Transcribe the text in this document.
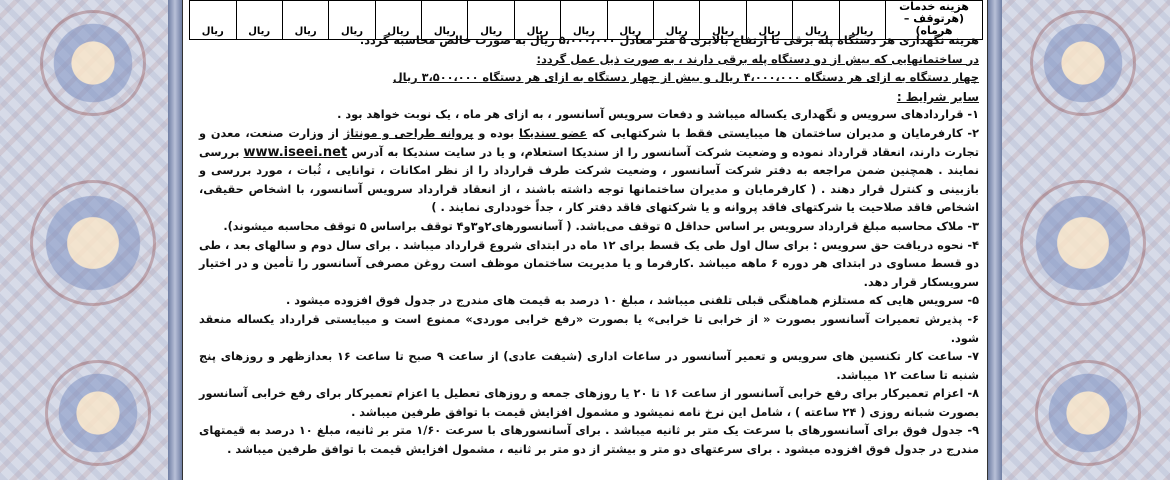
هزینه خدمات
(هرتوقف – هرماه)
	ریال	ریال	ریال	ریال	ریال	ریال	ریال	ریال	ریال	ریال	ریال	ریال	ریال	ریال	ریال

هزینه نگهداری هر دستگاه پله برقی تا ارتفاع بالابری ۵ متر معادل ۵،۰۰۰،۰۰۰ ریال به صورت خالص محاسبه گردد.

در ساختمانهایی که بیش از دو دستگاه پله برقی دارند ، به صورت ذیل عمل گردد:

چهار دستگاه به ازای هر دستگاه ۴،۰۰۰،۰۰۰ ریال و بیش از چهار دستگاه به ازای هر دستگاه ۳،۵۰۰،۰۰۰ ریال

سایر شرایط :

۱- قراردادهای سرویس و نگهداری یکساله میباشد و دفعات سرویس آسانسور ، به ازای هر ماه ، یک نوبت خواهد بود .

۲- کارفرمایان و مدیران ساختمان ها میبایستی فقط با شرکتهایی که عضو سندیکا بوده و پروانه طراحی و مونتاژ از وزارت صنعت، معدن و تجارت دارند، انعقاد قرارداد نموده و وضعیت شرکت آسانسور را از سندیکا استعلام، و یا در سایت سندیکا به آدرس www.iseei.net بررسی نمایند . همچنین ضمن مراجعه به دفتر شرکت آسانسور ، وضعیت شرکت طرف قرارداد را از نظر امکانات ، توانایی ، ثُبات ، مورد بررسی و بازبینی و کنترل قرار دهند . ( کارفرمایان و مدیران ساختمانها توجه داشته باشند ، از انعقاد قرارداد سرویس آسانسور، با اشخاص حقیقی، اشخاص فاقد صلاحیت یا شرکتهای فاقد پروانه و یا شرکتهای فاقد دفتر کار ، جداً خودداری نمایند . )

۳- ملاک محاسبه مبلغ قرارداد سرویس بر اساس حداقل ۵ توقف می‌باشد. ( آسانسورهای۲و۳و۴ توقف براساس ۵ توقف محاسبه میشوند).

۴- نحوه دریافت حق سرویس : برای سال اول طی یک قسط برای ۱۲ ماه در ابتدای شروع قرارداد میباشد . برای سال دوم و سالهای بعد ، طی دو قسط مساوی در ابتدای هر دوره ۶ ماهه میباشد .کارفرما و یا مدیریت ساختمان موظف است روغن مصرفی آسانسور را تأمین و در اختیار سرویسکار قرار دهد.

۵- سرویس هایی که مستلزم هماهنگی قبلی تلفنی میباشد ، مبلغ ۱۰ درصد به قیمت های مندرج در جدول فوق افزوده میشود .

۶- پذیرش تعمیرات آسانسور بصورت « از خرابی تا خرابی» یا بصورت «رفع خرابی موردی» ممنوع است و میبایستی قرارداد یکساله منعقد شود.

۷- ساعت کار تکنسین های سرویس و تعمیر آسانسور در ساعات اداری (شیفت عادی) از ساعت ۹ صبح تا ساعت ۱۶ بعدازظهر و روزهای پنج شنبه تا ساعت ۱۲ میباشد.

۸- اعزام تعمیرکار برای رفع خرابی آسانسور از ساعت ۱۶ تا ۲۰ یا روزهای جمعه و روزهای تعطیل یا اعزام تعمیرکار برای رفع خرابی آسانسور بصورت شبانه روزی ( ۲۴ ساعته ) ، شامل این نرخ نامه نمیشود و مشمول افزایش قیمت با توافق طرفین میباشد .

۹- جدول فوق برای آسانسورهای با سرعت یک متر بر ثانیه میباشد . برای آسانسورهای با سرعت ۱/۶۰ متر بر ثانیه، مبلغ ۱۰ درصد به قیمتهای مندرج در جدول فوق افزوده میشود . برای سرعتهای دو متر و بیشتر از دو متر بر ثانیه ، مشمول افزایش قیمت با توافق طرفین میباشد .
